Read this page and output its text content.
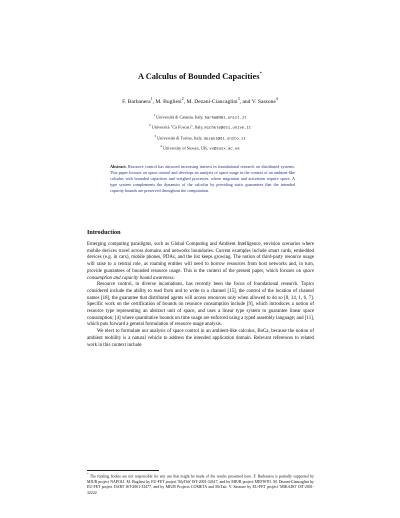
A Calculus of Bounded Capacities*
F. Barbanera$^1$, M. Bugliesi$^2$, M. Dezani-Ciancaglini$^3$, and V. Sassone$^4$
$^1$ Università di Catania, Italy, barba@dmi.unict.it
$^2$ Università "Cà Foscari", Italy, michele@dsi.unive.it
$^3$ Università di Torino, Italy, dezani@di.unito.it
$^4$ University of Sussex, UK, vs@susx.ac.uk
Abstract. Resource control has attracted increasing interest in foundational research on distributed systems. This paper focuses on space control and develops an analysis of space usage in the context of an ambient-like calculus with bounded capacities and weighed processes, where migration and activation require space. A type system complements the dynamics of the calculus by providing static guarantees that the intended capacity bounds are preserved throughout the computation.
Introduction

Emerging computing paradigms, such as Global Computing and Ambient Intelligence, envision scenarios where mobile devices travel across domains and networks boundaries. Current examples include smart cards, embedded devices (e.g. in cars), mobile phones, PDAs, and the list keeps growing. The notion of third-party resource usage will raise to a central role, as roaming entities will need to borrow resources from host networks and, in turn, provide guarantees of bounded resource usage. This is the context of the present paper, which focuses on space consumption and capacity bound awareness.

Resource control, in diverse incarnations, has recently been the focus of foundational research. Topics considered include the ability to read from and to write to a channel [15], the control of the location of channel names [18], the guarantee that distributed agents will access resources only when allowed to do so [8, 14, 1, 6, 7]. Specific work on the certification of bounds on resource consumption include [9], which introduces a notion of resource type representing an abstract unit of space, and uses a linear type system to guarantee linear space consumption; [4] where quantitative bounds on time usage are enforced using a typed assembly language; and [11], which puts forward a general formulation of resource usage analysis.

We elect to formulate our analysis of space control in an ambient-like calculus, BoCa, because the notion of ambient mobility is a natural vehicle to address the intended application domain. Relevant references to related work in this context include

* The funding bodies are not responsible for any use that might be made of the results presented here. F. Barbanera is partially supported by MIUR project NAPOLI. M. Bugliesi by EU-FET project 'MyThS' IST-2001-32617, and by MIUR project MEFISTO. M. Dezani-Ciancaglini by EU-FET project DART IST-2001-33477, and by MIUR Projects COMETA and McTati. V. Sassone by EU-FET project 'MIKADO' IST-2001-32222.
